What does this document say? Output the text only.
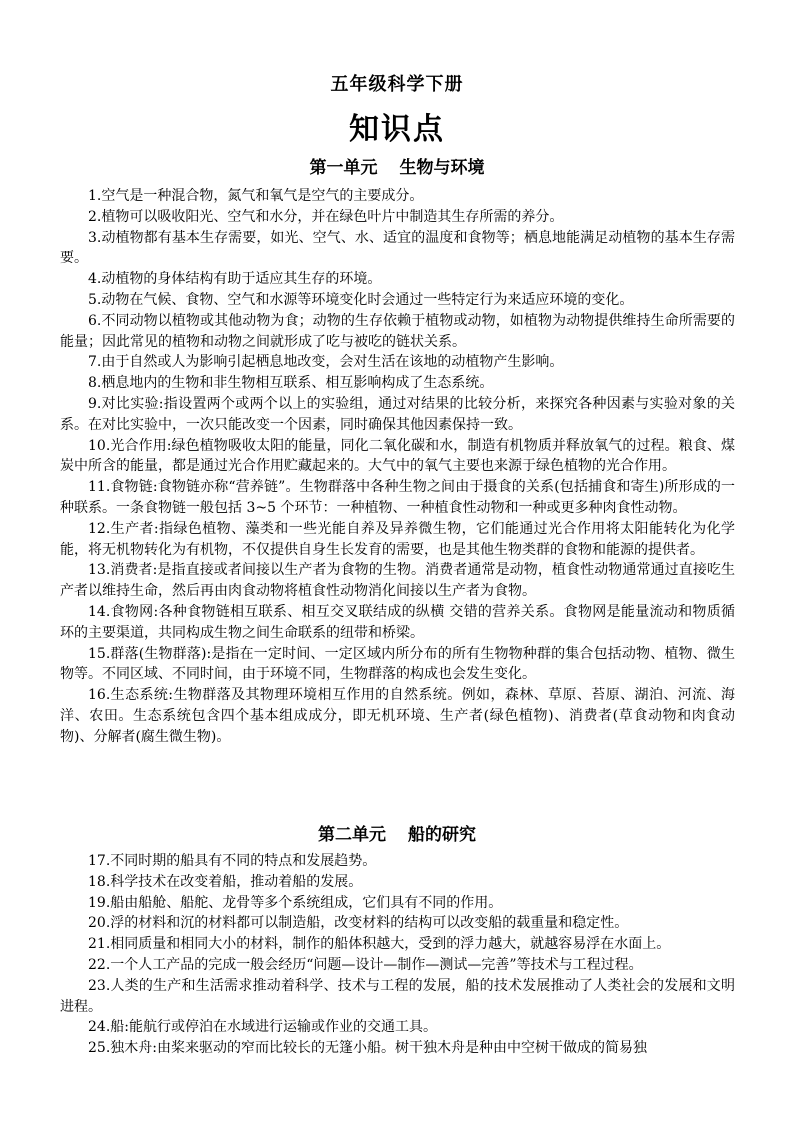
五年级科学下册
知识点
第一单元 生物与环境

1.空气是一种混合物，氮气和氧气是空气的主要成分。

2.植物可以吸收阳光、空气和水分，并在绿色叶片中制造其生存所需的养分。

3.动植物都有基本生存需要，如光、空气、水、适宜的温度和食物等；栖息地能满足动植物的基本生存需要。

4.动植物的身体结构有助于适应其生存的环境。

5.动物在气候、食物、空气和水源等环境变化时会通过一些特定行为来适应环境的变化。

6.不同动物以植物或其他动物为食；动物的生存依赖于植物或动物，如植物为动物提供维持生命所需要的能量；因此常见的植物和动物之间就形成了吃与被吃的链状关系。

7.由于自然或人为影响引起栖息地改变，会对生活在该地的动植物产生影响。

8.栖息地内的生物和非生物相互联系、相互影响构成了生态系统。

9.对比实验:指设置两个或两个以上的实验组，通过对结果的比较分析，来探究各种因素与实验对象的关系。在对比实验中，一次只能改变一个因素，同时确保其他因素保持一致。

10.光合作用:绿色植物吸收太阳的能量，同化二氧化碳和水，制造有机物质并释放氧气的过程。粮食、煤炭中所含的能量，都是通过光合作用贮藏起来的。大气中的氧气主要也来源于绿色植物的光合作用。

11.食物链:食物链亦称“营养链”。生物群落中各种生物之间由于摄食的关系(包括捕食和寄生)所形成的一种联系。一条食物链一般包括 3~5 个环节：一种植物、一种植食性动物和一种或更多种肉食性动物。

12.生产者:指绿色植物、藻类和一些光能自养及异养微生物，它们能通过光合作用将太阳能转化为化学能，将无机物转化为有机物，不仅提供自身生长发育的需要，也是其他生物类群的食物和能源的提供者。

13.消费者:是指直接或者间接以生产者为食物的生物。消费者通常是动物，植食性动物通常通过直接吃生产者以维持生命，然后再由肉食动物将植食性动物消化间接以生产者为食物。

14.食物网:各种食物链相互联系、相互交叉联结成的纵横 交错的营养关系。食物网是能量流动和物质循环的主要渠道，共同构成生物之间生命联系的纽带和桥梁。

15.群落(生物群落):是指在一定时间、一定区域内所分布的所有生物物种群的集合包括动物、植物、微生物等。不同区域、不同时间，由于环境不同，生物群落的构成也会发生变化。

16.生态系统:生物群落及其物理环境相互作用的自然系统。例如，森林、草原、苔原、湖泊、河流、海洋、农田。生态系统包含四个基本组成成分，即无机环境、生产者(绿色植物)、消费者(草食动物和肉食动物)、分解者(腐生微生物)。

第二单元 船的研究

17.不同时期的船具有不同的特点和发展趋势。

18.科学技术在改变着船，推动着船的发展。

19.船由船舱、船舵、龙骨等多个系统组成，它们具有不同的作用。

20.浮的材料和沉的材料都可以制造船，改变材料的结构可以改变船的载重量和稳定性。

21.相同质量和相同大小的材料，制作的船体积越大，受到的浮力越大，就越容易浮在水面上。

22.一个人工产品的完成一般会经历“问题—设计—制作—测试—完善”等技术与工程过程。

23.人类的生产和生活需求推动着科学、技术与工程的发展，船的技术发展推动了人类社会的发展和文明进程。

24.船:能航行或停泊在水域进行运输或作业的交通工具。

25.独木舟:由桨来驱动的窄而比较长的无篷小船。树干独木舟是种由中空树干做成的简易独
